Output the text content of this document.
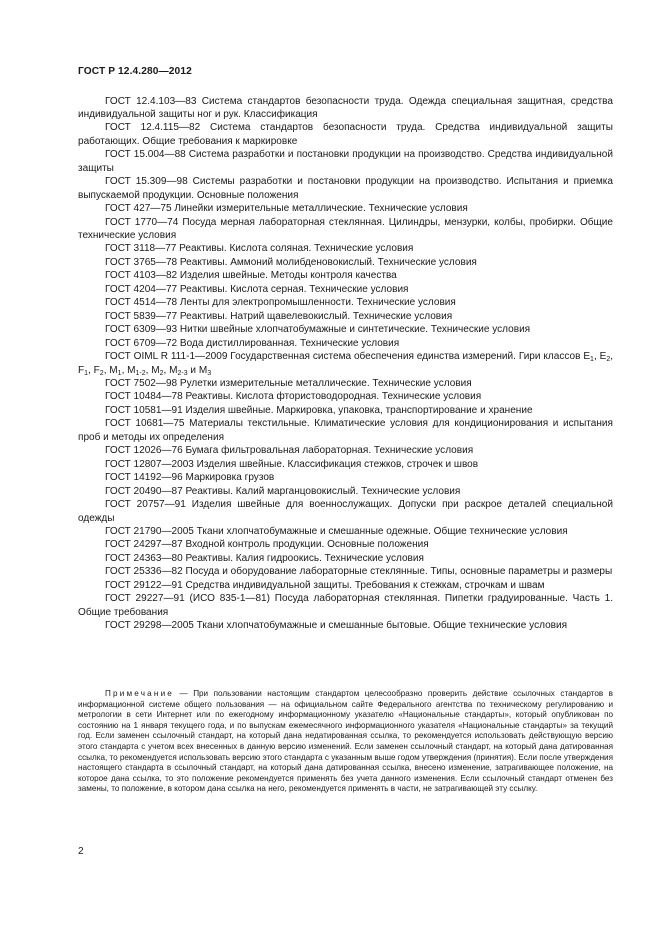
ГОСТ Р 12.4.280—2012

ГОСТ 12.4.103—83 Система стандартов безопасности труда. Одежда специальная защитная, средства индивидуальной защиты ног и рук. Классификация

ГОСТ 12.4.115—82 Система стандартов безопасности труда. Средства индивидуальной защиты работающих. Общие требования к маркировке

ГОСТ 15.004—88 Система разработки и постановки продукции на производство. Средства индивидуальной защиты

ГОСТ 15.309—98 Системы разработки и постановки продукции на производство. Испытания и приемка выпускаемой продукции. Основные положения

ГОСТ 427—75 Линейки измерительные металлические. Технические условия

ГОСТ 1770—74 Посуда мерная лабораторная стеклянная. Цилиндры, мензурки, колбы, пробирки. Общие технические условия

ГОСТ 3118—77 Реактивы. Кислота соляная. Технические условия

ГОСТ 3765—78 Реактивы. Аммоний молибденовокислый. Технические условия

ГОСТ 4103—82 Изделия швейные. Методы контроля качества

ГОСТ 4204—77 Реактивы. Кислота серная. Технические условия

ГОСТ 4514—78 Ленты для электропромышленности. Технические условия

ГОСТ 5839—77 Реактивы. Натрий щавелевокислый. Технические условия

ГОСТ 6309—93 Нитки швейные хлопчатобумажные и синтетические. Технические условия

ГОСТ 6709—72 Вода дистиллированная. Технические условия

ГОСТ OIML R 111-1—2009 Государственная система обеспечения единства измерений. Гири классов $E_1$, $E_2$, $F_1$, $F_2$, $M_1$, $M_{1-2}$, $M_2$, $M_{2-3}$ и $M_3$

ГОСТ 7502—98 Рулетки измерительные металлические. Технические условия

ГОСТ 10484—78 Реактивы. Кислота фтористоводородная. Технические условия

ГОСТ 10581—91 Изделия швейные. Маркировка, упаковка, транспортирование и хранение

ГОСТ 10681—75 Материалы текстильные. Климатические условия для кондиционирования и испытания проб и методы их определения

ГОСТ 12026—76 Бумага фильтровальная лабораторная. Технические условия

ГОСТ 12807—2003 Изделия швейные. Классификация стежков, строчек и швов

ГОСТ 14192—96 Маркировка грузов

ГОСТ 20490—87 Реактивы. Калий марганцовокислый. Технические условия

ГОСТ 20757—91 Изделия швейные для военнослужащих. Допуски при раскрое деталей специальной одежды

ГОСТ 21790—2005 Ткани хлопчатобумажные и смешанные одежные. Общие технические условия

ГОСТ 24297—87 Входной контроль продукции. Основные положения

ГОСТ 24363—80 Реактивы. Калия гидроокись. Технические условия

ГОСТ 25336—82 Посуда и оборудование лабораторные стеклянные. Типы, основные параметры и размеры

ГОСТ 29122—91 Средства индивидуальной защиты. Требования к стежкам, строчкам и швам

ГОСТ 29227—91 (ИСО 835-1—81) Посуда лабораторная стеклянная. Пипетки градуированные. Часть 1. Общие требования

ГОСТ 29298—2005 Ткани хлопчатобумажные и смешанные бытовые. Общие технические условия

Примечание — При пользовании настоящим стандартом целесообразно проверить действие ссылочных стандартов в информационной системе общего пользования — на официальном сайте Федерального агентства по техническому регулированию и метрологии в сети Интернет или по ежегодному информационному указателю «Национальные стандарты», который опубликован по состоянию на 1 января текущего года, и по выпускам ежемесячного информационного указателя «Национальные стандарты» за текущий год. Если заменен ссылочный стандарт, на который дана недатированная ссылка, то рекомендуется использовать действующую версию этого стандарта с учетом всех внесенных в данную версию изменений. Если заменен ссылочный стандарт, на который дана датированная ссылка, то рекомендуется использовать версию этого стандарта с указанным выше годом утверждения (принятия). Если после утверждения настоящего стандарта в ссылочный стандарт, на который дана датированная ссылка, внесено изменение, затрагивающее положение, на которое дана ссылка, то это положение рекомендуется применять без учета данного изменения. Если ссылочный стандарт отменен без замены, то положение, в котором дана ссылка на него, рекомендуется применять в части, не затрагивающей эту ссылку.

2
